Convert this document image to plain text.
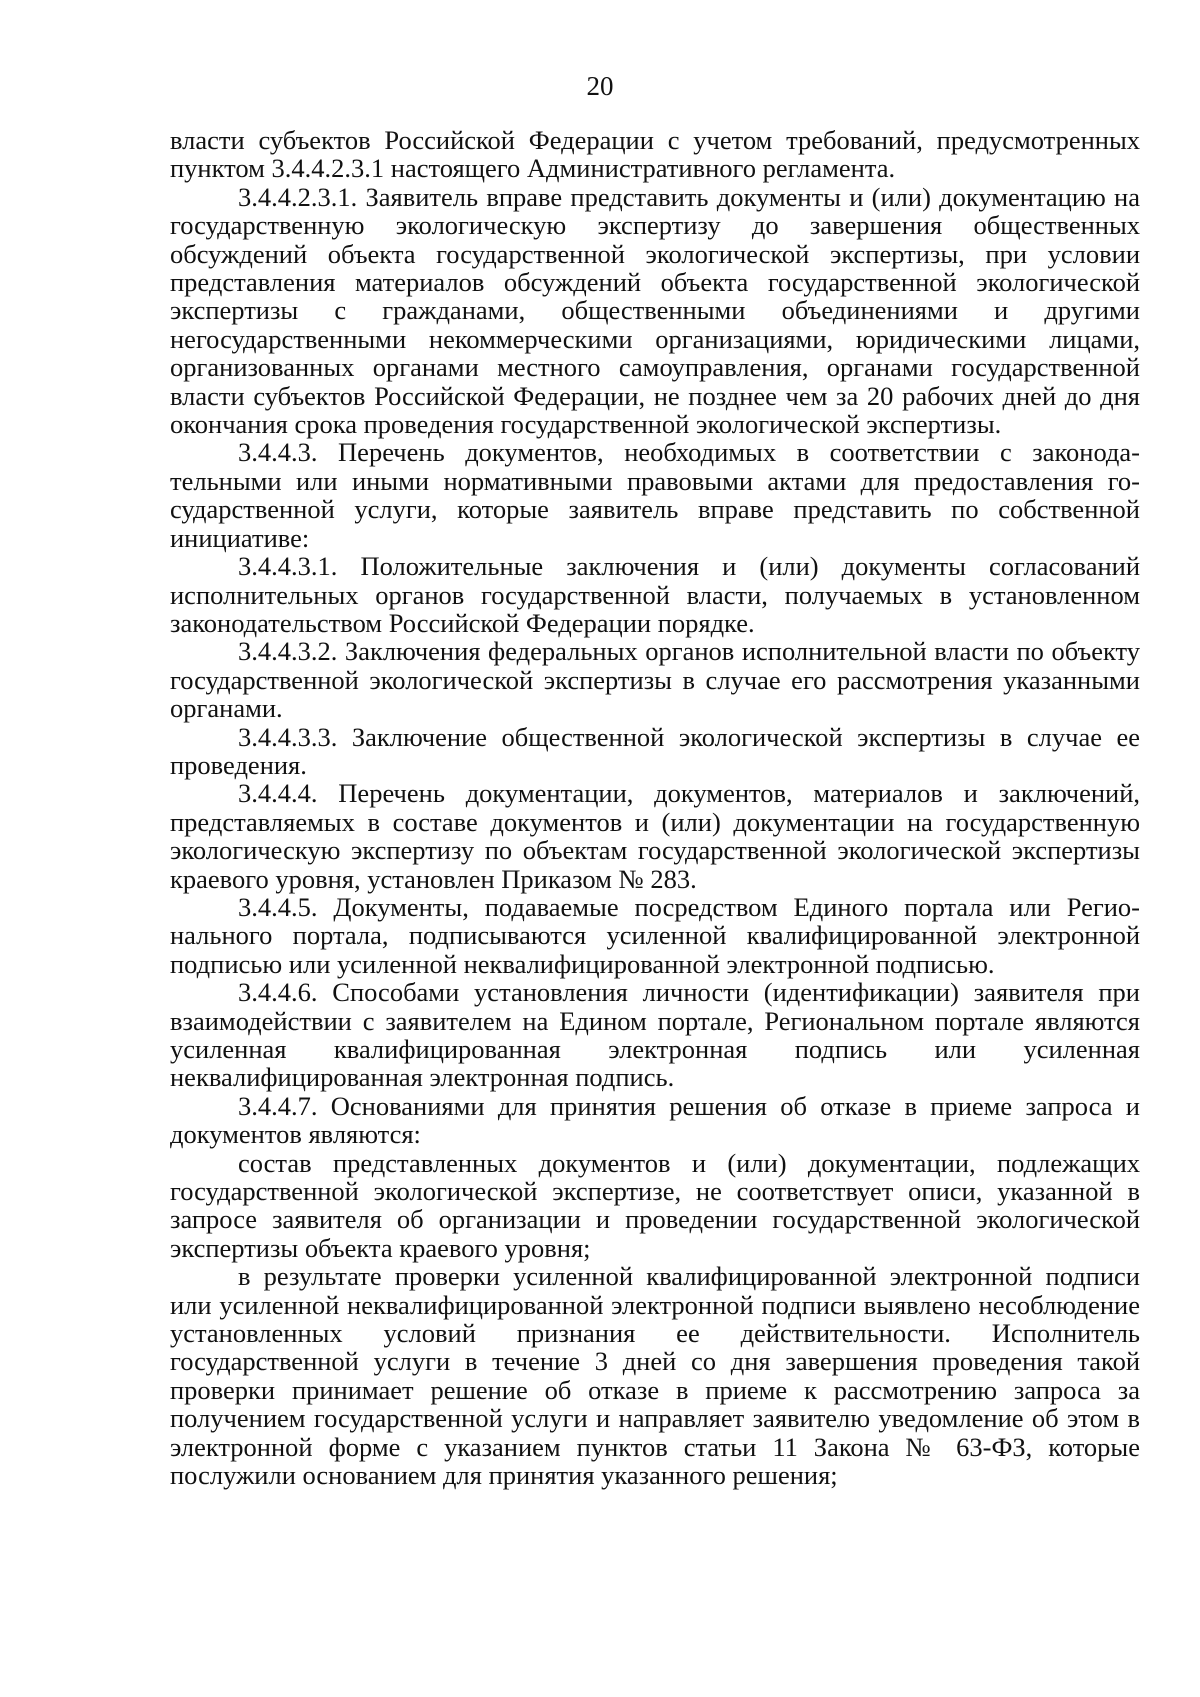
20

власти субъектов Российской Федерации с учетом требований, предусмотренных пунктом 3.4.4.2.3.1 настоящего Административного регламента.

3.4.4.2.3.1. Заявитель вправе представить документы и (или) документацию на государственную экологическую экспертизу до завершения общественных обсуждений объекта государственной экологической экспертизы, при условии представления материалов обсуждений объекта государственной экологической экспертизы с гражданами, общественными объединениями и другими негосударственными некоммерческими организациями, юридическими лицами, организованных органами местного самоуправления, органами государственной власти субъектов Российской Федерации, не позднее чем за 20 рабочих дней до дня окончания срока проведения государственной экологической экспертизы.

3.4.4.3. Перечень документов, необходимых в соответствии с законодательными или иными нормативными правовыми актами для предоставления государственной услуги, которые заявитель вправе представить по собственной инициативе:

3.4.4.3.1. Положительные заключения и (или) документы согласований исполнительных органов государственной власти, получаемых в установленном законодательством Российской Федерации порядке.

3.4.4.3.2. Заключения федеральных органов исполнительной власти по объекту государственной экологической экспертизы в случае его рассмотрения указанными органами.

3.4.4.3.3. Заключение общественной экологической экспертизы в случае ее проведения.

3.4.4.4. Перечень документации, документов, материалов и заключений, представляемых в составе документов и (или) документации на государственную экологическую экспертизу по объектам государственной экологической экспертизы краевого уровня, установлен Приказом № 283.

3.4.4.5. Документы, подаваемые посредством Единого портала или Регионального портала, подписываются усиленной квалифицированной электронной подписью или усиленной неквалифицированной электронной подписью.

3.4.4.6. Способами установления личности (идентификации) заявителя при взаимодействии с заявителем на Едином портале, Региональном портале являются усиленная квалифицированная электронная подпись или усиленная неквалифицированная электронная подпись.

3.4.4.7. Основаниями для принятия решения об отказе в приеме запроса и документов являются:

состав представленных документов и (или) документации, подлежащих государственной экологической экспертизе, не соответствует описи, указанной в запросе заявителя об организации и проведении государственной экологической экспертизы объекта краевого уровня;

в результате проверки усиленной квалифицированной электронной подписи или усиленной неквалифицированной электронной подписи выявлено несоблюдение установленных условий признания ее действительности. Исполнитель государственной услуги в течение 3 дней со дня завершения проведения такой проверки принимает решение об отказе в приеме к рассмотрению запроса за получением государственной услуги и направляет заявителю уведомление об этом в электронной форме с указанием пунктов статьи 11 Закона № 63-ФЗ, которые послужили основанием для принятия указанного решения;
